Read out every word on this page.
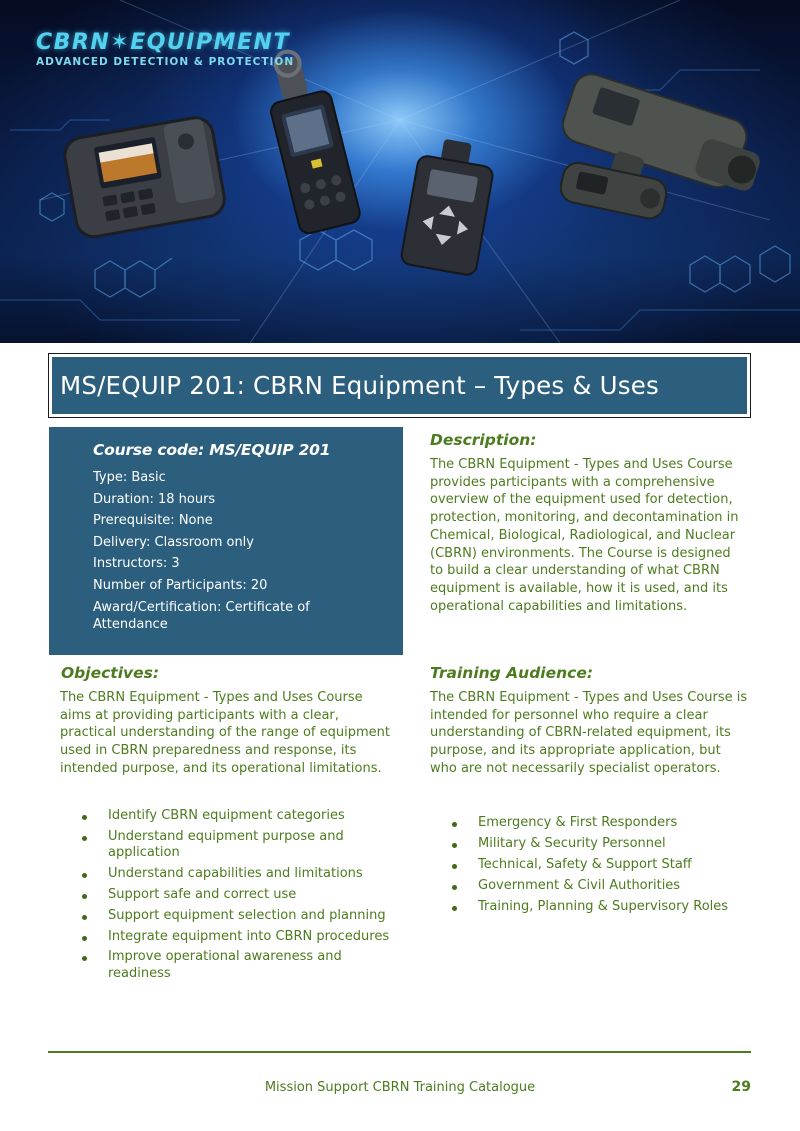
CBRN✶EQUIPMENT
ADVANCED DETECTION & PROTECTION
MS/EQUIP 201: CBRN Equipment – Types & Uses
Course code: MS/EQUIP 201
Type: Basic
Duration: 18 hours
Prerequisite: None
Delivery: Classroom only
Instructors: 3
Number of Participants: 20
Award/Certification: Certificate of Attendance
Description:
The CBRN Equipment - Types and Uses Course provides participants with a comprehensive overview of the equipment used for detection, protection, monitoring, and decontamination in Chemical, Biological, Radiological, and Nuclear (CBRN) environments. The Course is designed to build a clear understanding of what CBRN equipment is available, how it is used, and its operational capabilities and limitations.
Objectives:
The CBRN Equipment - Types and Uses Course aims at providing participants with a clear, practical understanding of the range of equipment used in CBRN preparedness and response, its intended purpose, and its operational limitations.
Identify CBRN equipment categories
Understand equipment purpose and application
Understand capabilities and limitations
Support safe and correct use
Support equipment selection and planning
Integrate equipment into CBRN procedures
Improve operational awareness and readiness
Training Audience:
The CBRN Equipment - Types and Uses Course is intended for personnel who require a clear understanding of CBRN-related equipment, its purpose, and its appropriate application, but who are not necessarily specialist operators.
Emergency & First Responders
Military & Security Personnel
Technical, Safety & Support Staff
Government & Civil Authorities
Training, Planning & Supervisory Roles
Mission Support CBRN Training Catalogue	29
